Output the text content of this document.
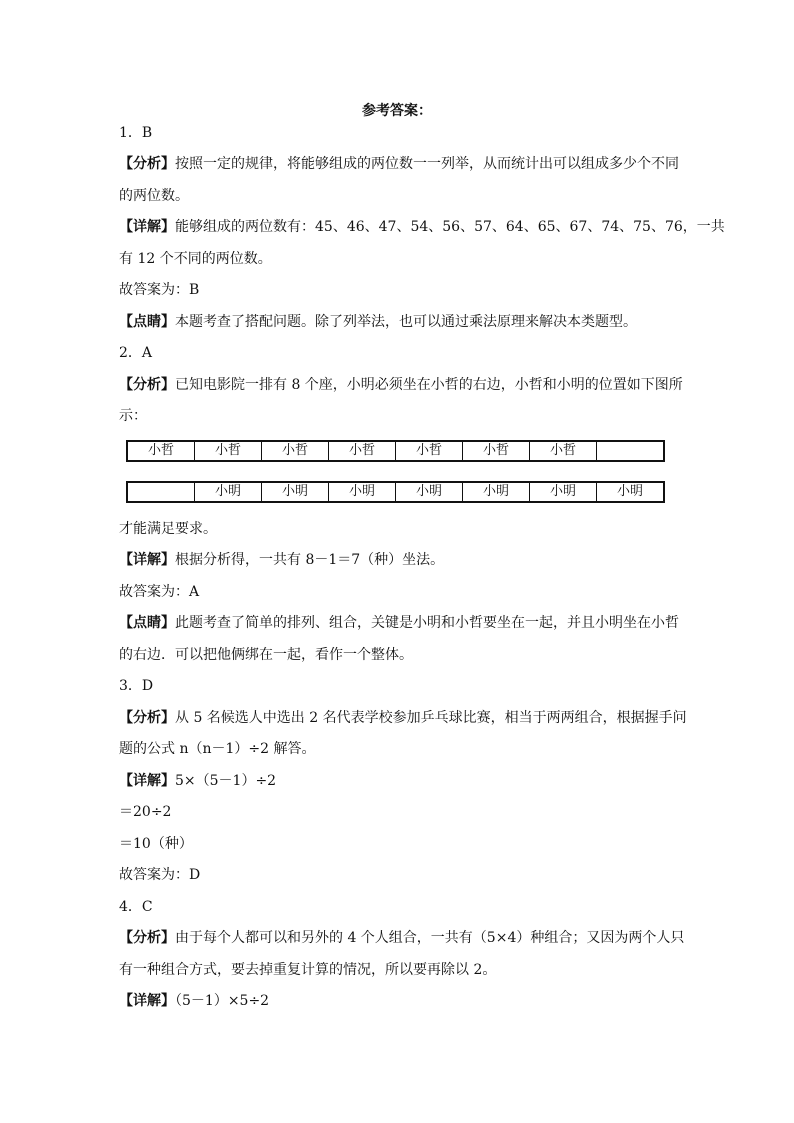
参考答案：
1．B
【分析】按照一定的规律，将能够组成的两位数一一列举，从而统计出可以组成多少个不同
的两位数。
【详解】能够组成的两位数有：45、46、47、54、56、57、64、65、67、74、75、76，一共
有 12 个不同的两位数。
故答案为：B
【点睛】本题考查了搭配问题。除了列举法，也可以通过乘法原理来解决本类题型。
2．A
【分析】已知电影院一排有 8 个座，小明必须坐在小哲的右边，小哲和小明的位置如下图所
示：
小哲	小哲	小哲	小哲	小哲	小哲	小哲	
	小明	小明	小明	小明	小明	小明	小明
才能满足要求。
【详解】根据分析得，一共有 8－1＝7（种）坐法。
故答案为：A
【点睛】此题考查了简单的排列、组合，关键是小明和小哲要坐在一起，并且小明坐在小哲
的右边．可以把他俩绑在一起，看作一个整体。
3．D
【分析】从 5 名候选人中选出 2 名代表学校参加乒乓球比赛，相当于两两组合，根据握手问
题的公式 n（n－1）÷2 解答。
【详解】5×（5－1）÷2
＝20÷2
＝10（种）
故答案为：D
4．C
【分析】由于每个人都可以和另外的 4 个人组合，一共有（5×4）种组合；又因为两个人只
有一种组合方式，要去掉重复计算的情况，所以要再除以 2。
【详解】（5－1）×5÷2
